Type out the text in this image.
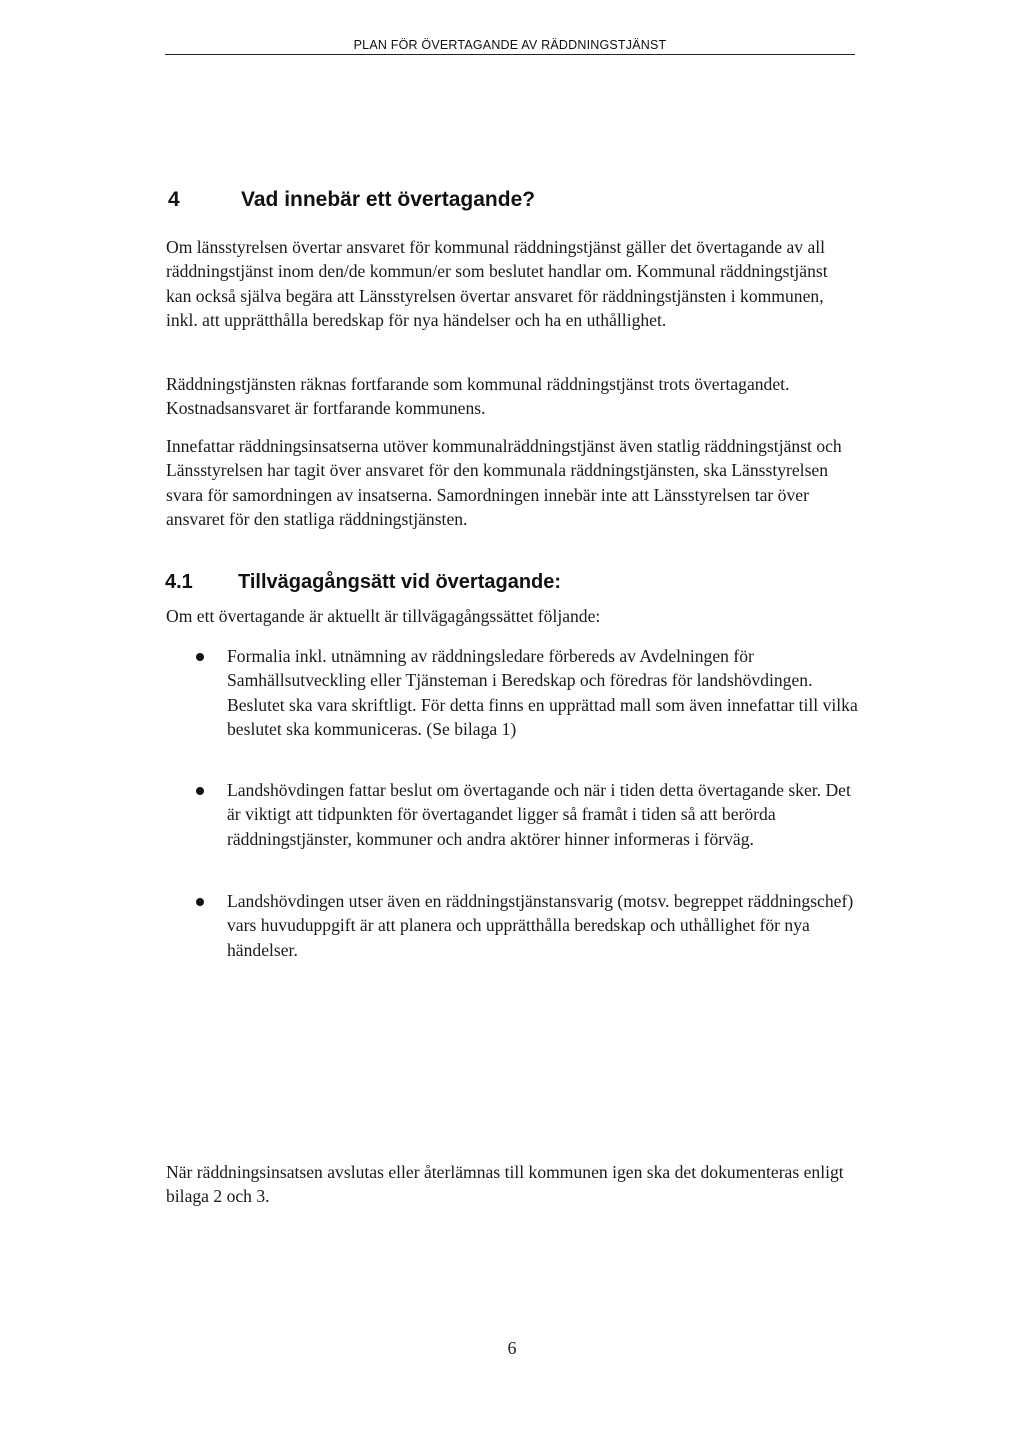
PLAN FÖR ÖVERTAGANDE AV RÄDDNINGSTJÄNST
4	Vad innebär ett övertagande?

Om länsstyrelsen övertar ansvaret för kommunal räddningstjänst gäller det övertagande av all räddningstjänst inom den/de kommun/er som beslutet handlar om. Kommunal räddningstjänst kan också själva begära att Länsstyrelsen övertar ansvaret för räddningstjänsten i kommunen, inkl. att upprätthålla beredskap för nya händelser och ha en uthållighet.

Räddningstjänsten räknas fortfarande som kommunal räddningstjänst trots övertagandet. Kostnadsansvaret är fortfarande kommunens.

Innefattar räddningsinsatserna utöver kommunalräddningstjänst även statlig räddningstjänst och Länsstyrelsen har tagit över ansvaret för den kommunala räddningstjänsten, ska Länsstyrelsen svara för samordningen av insatserna. Samordningen innebär inte att Länsstyrelsen tar över ansvaret för den statliga räddningstjänsten.

4.1 Tillvägagångsätt vid övertagande:

Om ett övertagande är aktuellt är tillvägagångssättet följande:

Formalia inkl. utnämning av räddningsledare förbereds av Avdelningen för Samhällsutveckling eller Tjänsteman i Beredskap och föredras för landshövdingen. Beslutet ska vara skriftligt. För detta finns en upprättad mall som även innefattar till vilka beslutet ska kommuniceras. (Se bilaga 1)
Landshövdingen fattar beslut om övertagande och när i tiden detta övertagande sker. Det är viktigt att tidpunkten för övertagandet ligger så framåt i tiden så att berörda räddningstjänster, kommuner och andra aktörer hinner informeras i förväg.
Landshövdingen utser även en räddningstjänstansvarig (motsv. begreppet räddningschef) vars huvuduppgift är att planera och upprätthålla beredskap och uthållighet för nya händelser.

När räddningsinsatsen avslutas eller återlämnas till kommunen igen ska det dokumenteras enligt bilaga 2 och 3.

6
